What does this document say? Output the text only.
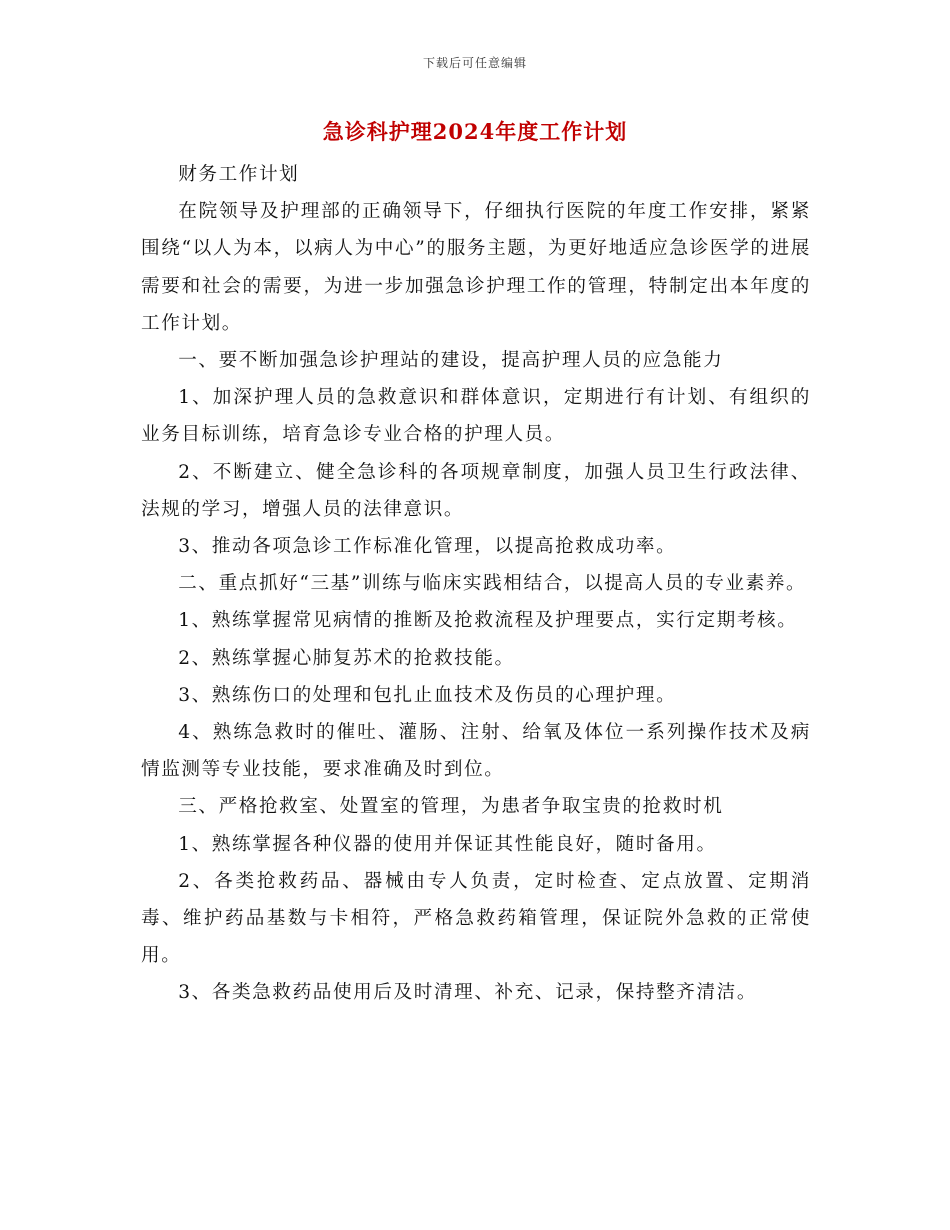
下载后可任意编辑
急诊科护理2024年度工作计划

财务工作计划

在院领导及护理部的正确领导下，仔细执行医院的年度工作安排，紧紧围绕“以人为本，以病人为中心”的服务主题，为更好地适应急诊医学的进展需要和社会的需要，为进一步加强急诊护理工作的管理，特制定出本年度的工作计划。

一、要不断加强急诊护理站的建设，提高护理人员的应急能力

1、加深护理人员的急救意识和群体意识，定期进行有计划、有组织的业务目标训练，培育急诊专业合格的护理人员。

2、不断建立、健全急诊科的各项规章制度，加强人员卫生行政法律、法规的学习，增强人员的法律意识。

3、推动各项急诊工作标准化管理，以提高抢救成功率。

二、重点抓好“三基”训练与临床实践相结合，以提高人员的专业素养。

1、熟练掌握常见病情的推断及抢救流程及护理要点，实行定期考核。

2、熟练掌握心肺复苏术的抢救技能。

3、熟练伤口的处理和包扎止血技术及伤员的心理护理。

4、熟练急救时的催吐、灌肠、注射、给氧及体位一系列操作技术及病情监测等专业技能，要求准确及时到位。

三、严格抢救室、处置室的管理，为患者争取宝贵的抢救时机

1、熟练掌握各种仪器的使用并保证其性能良好，随时备用。

2、各类抢救药品、器械由专人负责，定时检查、定点放置、定期消毒、维护药品基数与卡相符，严格急救药箱管理，保证院外急救的正常使用。

3、各类急救药品使用后及时清理、补充、记录，保持整齐清洁。
